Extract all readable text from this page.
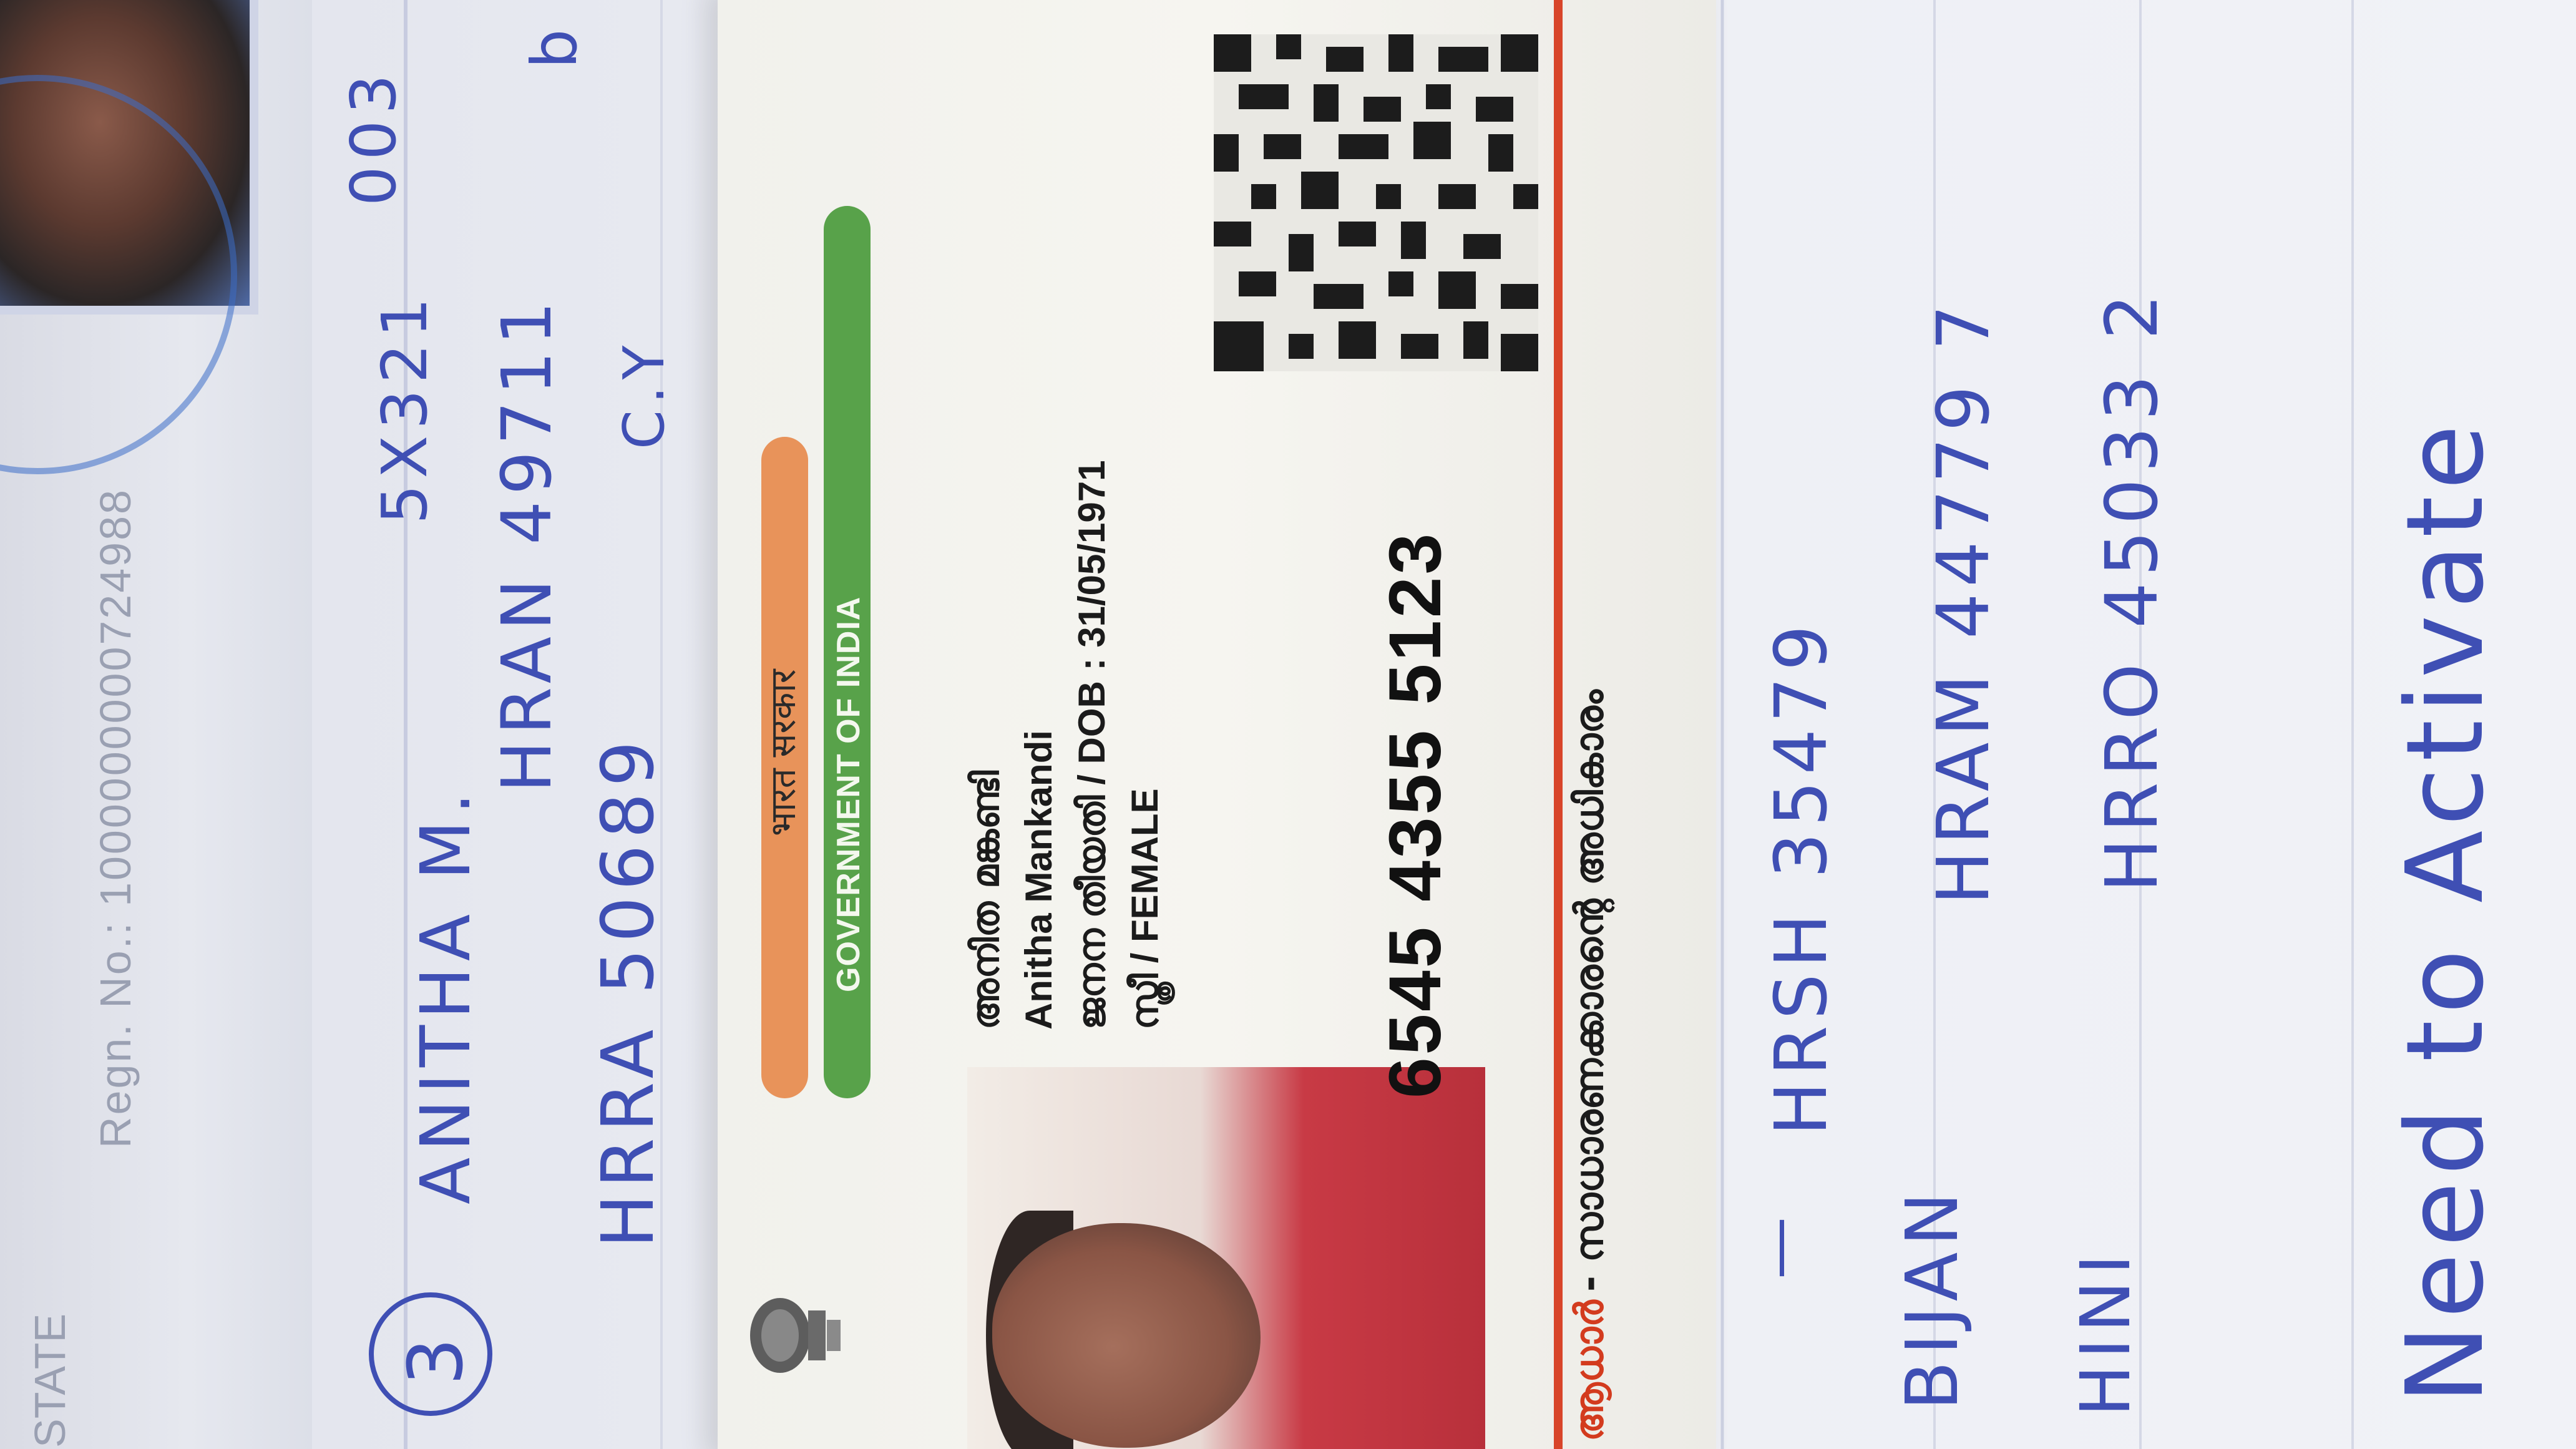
Regn. No.: 1000000000724988
STATE	3
ANITHA M.
5X321
003
HRAN 49711
b
HRRA 50689
C.Y
—
HRSH 35479
BIJAN
HRAM 44779 7
HINI
HRRO 45033 2 Need to Activate
भारत सरकार GOVERNMENT OF INDIA	അനിത മങ്കണ്ടി Anitha Mankandi ജനന തീയതി / DOB : 31/05/1971 സ്ത്രീ / FEMALE	6545 4355 5123
ആധാർ
- സാധാരണക്കാരന്റെ അധികാരം
